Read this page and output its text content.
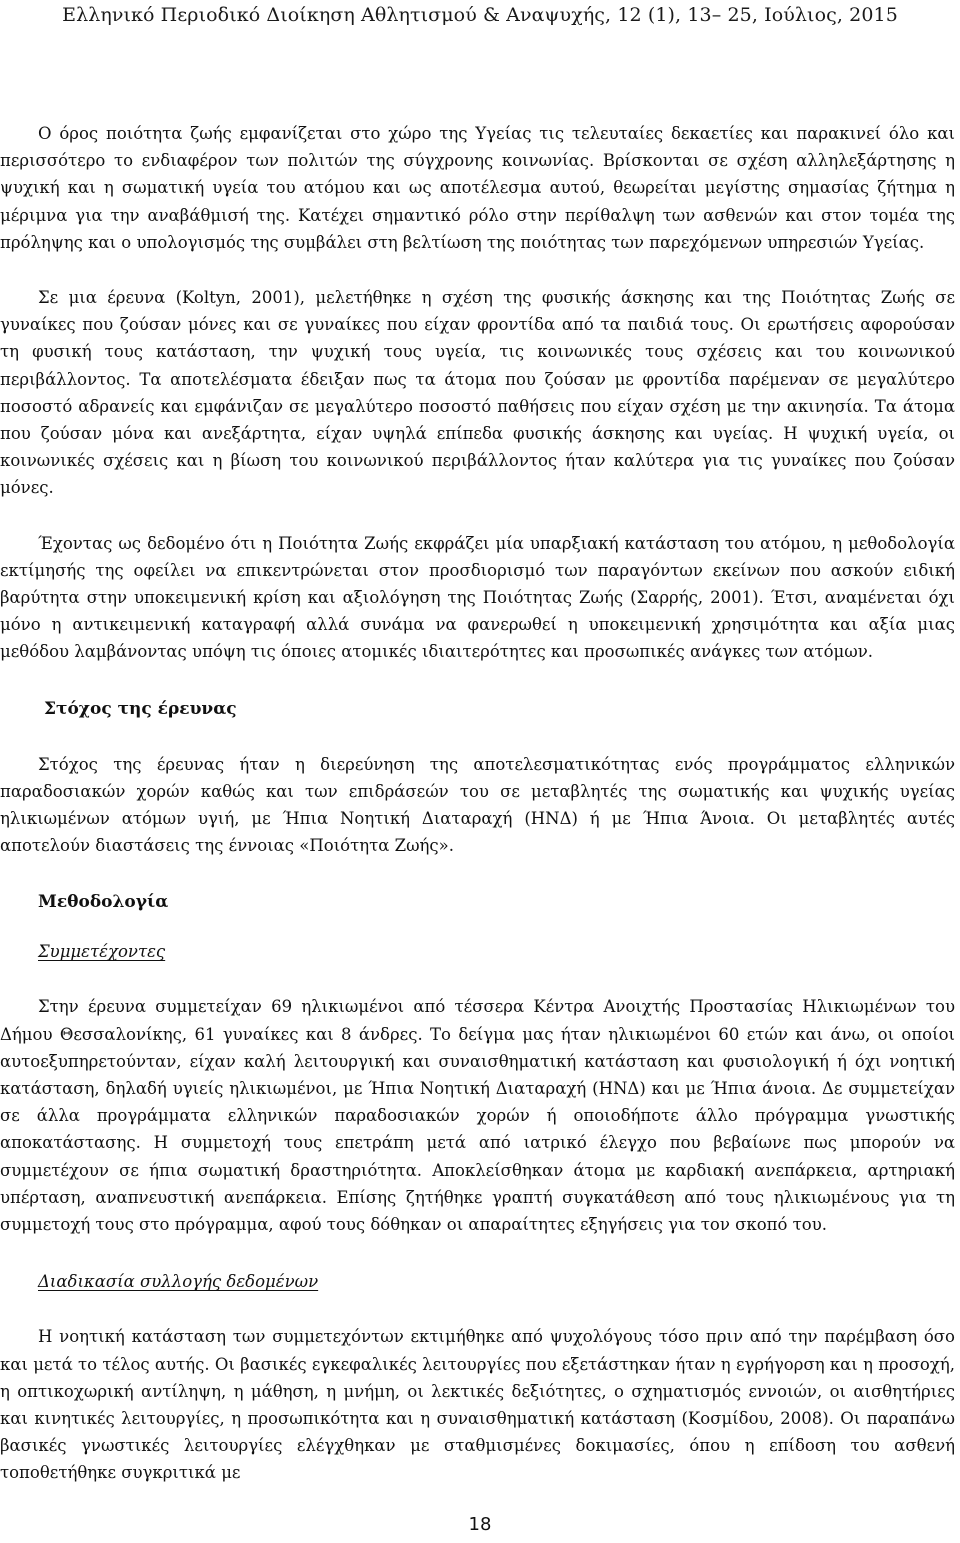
Ελληνικό Περιοδικό Διοίκηση Αθλητισμού & Αναψυχής, 12 (1), 13– 25, Ιούλιος, 2015

Ο όρος ποιότητα ζωής εμφανίζεται στο χώρο της Υγείας τις τελευταίες δεκαετίες και παρακινεί όλο και περισσότερο το ενδιαφέρον των πολιτών της σύγχρονης κοινωνίας. Βρίσκονται σε σχέση αλληλεξάρτησης η ψυχική και η σωματική υγεία του ατόμου και ως αποτέλεσμα αυτού, θεωρείται μεγίστης σημασίας ζήτημα η μέριμνα για την αναβάθμισή της. Κατέχει σημαντικό ρόλο στην περίθαλψη των ασθενών και στον τομέα της πρόληψης και ο υπολογισμός της συμβάλει στη βελτίωση της ποιότητας των παρεχόμενων υπηρεσιών Υγείας.

Σε μια έρευνα (Koltyn, 2001), μελετήθηκε η σχέση της φυσικής άσκησης και της Ποιότητας Ζωής σε γυναίκες που ζούσαν μόνες και σε γυναίκες που είχαν φροντίδα από τα παιδιά τους. Οι ερωτήσεις αφορούσαν τη φυσική τους κατάσταση, την ψυχική τους υγεία, τις κοινωνικές τους σχέσεις και του κοινωνικού περιβάλλοντος. Τα αποτελέσματα έδειξαν πως τα άτομα που ζούσαν με φροντίδα παρέμεναν σε μεγαλύτερο ποσοστό αδρανείς και εμφάνιζαν σε μεγαλύτερο ποσοστό παθήσεις που είχαν σχέση με την ακινησία. Τα άτομα που ζούσαν μόνα και ανεξάρτητα, είχαν υψηλά επίπεδα φυσικής άσκησης και υγείας. Η ψυχική υγεία, οι κοινωνικές σχέσεις και η βίωση του κοινωνικού περιβάλλοντος ήταν καλύτερα για τις γυναίκες που ζούσαν μόνες.

Έχοντας ως δεδομένο ότι η Ποιότητα Ζωής εκφράζει μία υπαρξιακή κατάσταση του ατόμου, η μεθοδολογία εκτίμησής της οφείλει να επικεντρώνεται στον προσδιορισμό των παραγόντων εκείνων που ασκούν ειδική βαρύτητα στην υποκειμενική κρίση και αξιολόγηση της Ποιότητας Ζωής (Σαρρής, 2001). Έτσι, αναμένεται όχι μόνο η αντικειμενική καταγραφή αλλά συνάμα να φανερωθεί η υποκειμενική χρησιμότητα και αξία μιας μεθόδου λαμβάνοντας υπόψη τις όποιες ατομικές ιδιαιτερότητες και προσωπικές ανάγκες των ατόμων.

Στόχος της έρευνας

Στόχος της έρευνας ήταν η διερεύνηση της αποτελεσματικότητας ενός προγράμματος ελληνικών παραδοσιακών χορών καθώς και των επιδράσεών του σε μεταβλητές της σωματικής και ψυχικής υγείας ηλικιωμένων ατόμων υγιή, με Ήπια Νοητική Διαταραχή (ΗΝΔ) ή με Ήπια Άνοια. Οι μεταβλητές αυτές αποτελούν διαστάσεις της έννοιας «Ποιότητα Ζωής».

Μεθοδολογία
Συμμετέχοντες

Στην έρευνα συμμετείχαν 69 ηλικιωμένοι από τέσσερα Κέντρα Ανοιχτής Προστασίας Ηλικιωμένων του Δήμου Θεσσαλονίκης, 61 γυναίκες και 8 άνδρες. Το δείγμα μας ήταν ηλικιωμένοι 60 ετών και άνω, οι οποίοι αυτοεξυπηρετούνταν, είχαν καλή λειτουργική και συναισθηματική κατάσταση και φυσιολογική ή όχι νοητική κατάσταση, δηλαδή υγιείς ηλικιωμένοι, με Ήπια Νοητική Διαταραχή (ΗΝΔ) και με Ήπια άνοια. Δε συμμετείχαν σε άλλα προγράμματα ελληνικών παραδοσιακών χορών ή οποιοδήποτε άλλο πρόγραμμα γνωστικής αποκατάστασης. Η συμμετοχή τους επετράπη μετά από ιατρικό έλεγχο που βεβαίωνε πως μπορούν να συμμετέχουν σε ήπια σωματική δραστηριότητα. Αποκλείσθηκαν άτομα με καρδιακή ανεπάρκεια, αρτηριακή υπέρταση, αναπνευστική ανεπάρκεια. Επίσης ζητήθηκε γραπτή συγκατάθεση από τους ηλικιωμένους για τη συμμετοχή τους στο πρόγραμμα, αφού τους δόθηκαν οι απαραίτητες εξηγήσεις για τον σκοπό του.

Διαδικασία συλλογής δεδομένων

Η νοητική κατάσταση των συμμετεχόντων εκτιμήθηκε από ψυχολόγους τόσο πριν από την παρέμβαση όσο και μετά το τέλος αυτής. Οι βασικές εγκεφαλικές λειτουργίες που εξετάστηκαν ήταν η εγρήγορση και η προσοχή, η οπτικοχωρική αντίληψη, η μάθηση, η μνήμη, οι λεκτικές δεξιότητες, ο σχηματισμός εννοιών, οι αισθητήριες και κινητικές λειτουργίες, η προσωπικότητα και η συναισθηματική κατάσταση (Κοσμίδου, 2008). Οι παραπάνω βασικές γνωστικές λειτουργίες ελέγχθηκαν με σταθμισμένες δοκιμασίες, όπου η επίδοση του ασθενή τοποθετήθηκε συγκριτικά με

18
